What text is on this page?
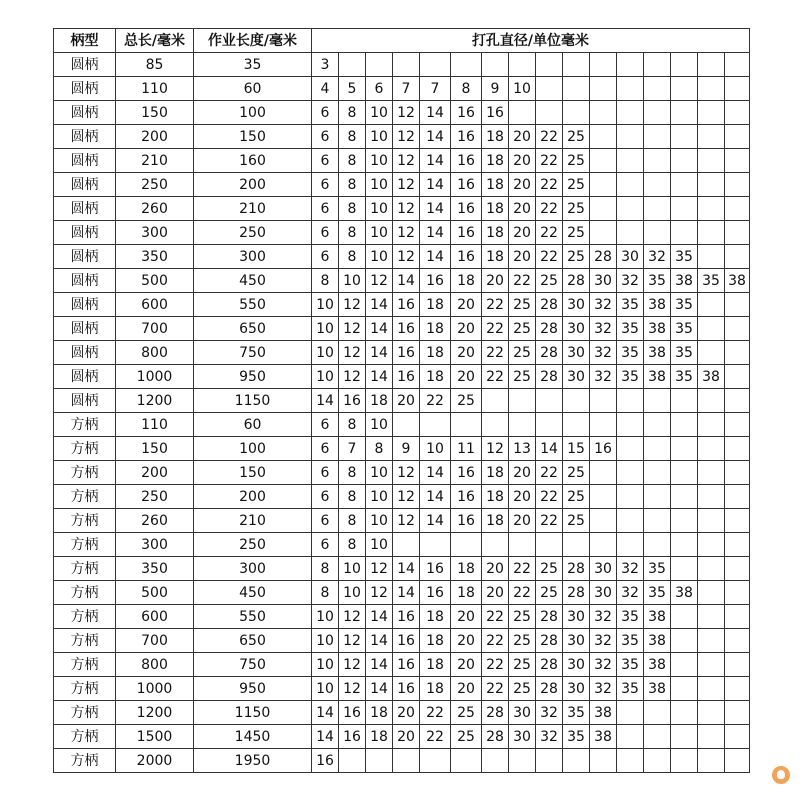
柄型	总长/毫米	作业长度/毫米	打孔直径/单位毫米															
圆柄	85	35	3															
圆柄	110	60	4	5	6	7	7	8	9	10								
圆柄	150	100	6	8	10	12	14	16	16									
圆柄	200	150	6	8	10	12	14	16	18	20	22	25						
圆柄	210	160	6	8	10	12	14	16	18	20	22	25						
圆柄	250	200	6	8	10	12	14	16	18	20	22	25						
圆柄	260	210	6	8	10	12	14	16	18	20	22	25						
圆柄	300	250	6	8	10	12	14	16	18	20	22	25						
圆柄	350	300	6	8	10	12	14	16	18	20	22	25	28	30	32	35		
圆柄	500	450	8	10	12	14	16	18	20	22	25	28	30	32	35	38	35	38
圆柄	600	550	10	12	14	16	18	20	22	25	28	30	32	35	38	35		
圆柄	700	650	10	12	14	16	18	20	22	25	28	30	32	35	38	35		
圆柄	800	750	10	12	14	16	18	20	22	25	28	30	32	35	38	35		
圆柄	1000	950	10	12	14	16	18	20	22	25	28	30	32	35	38	35	38	
圆柄	1200	1150	14	16	18	20	22	25										
方柄	110	60	6	8	10													
方柄	150	100	6	7	8	9	10	11	12	13	14	15	16					
方柄	200	150	6	8	10	12	14	16	18	20	22	25						
方柄	250	200	6	8	10	12	14	16	18	20	22	25						
方柄	260	210	6	8	10	12	14	16	18	20	22	25						
方柄	300	250	6	8	10													
方柄	350	300	8	10	12	14	16	18	20	22	25	28	30	32	35			
方柄	500	450	8	10	12	14	16	18	20	22	25	28	30	32	35	38		
方柄	600	550	10	12	14	16	18	20	22	25	28	30	32	35	38			
方柄	700	650	10	12	14	16	18	20	22	25	28	30	32	35	38			
方柄	800	750	10	12	14	16	18	20	22	25	28	30	32	35	38			
方柄	1000	950	10	12	14	16	18	20	22	25	28	30	32	35	38			
方柄	1200	1150	14	16	18	20	22	25	28	30	32	35	38					
方柄	1500	1450	14	16	18	20	22	25	28	30	32	35	38					
方柄	2000	1950	16															
